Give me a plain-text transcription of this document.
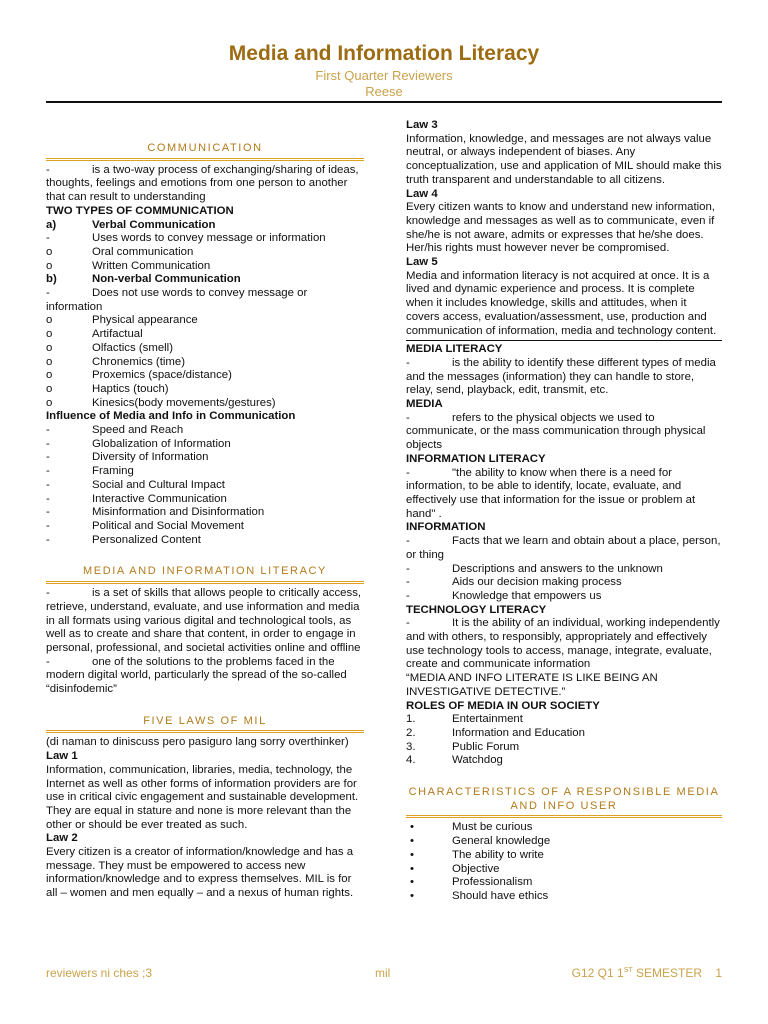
Media and Information Literacy
First Quarter Reviewers
Reese
COMMUNICATION
-	is a two-way process of exchanging/sharing of ideas, thoughts, feelings and emotions from one person to another that can result to understanding
TWO TYPES OF COMMUNICATION
a)	Verbal Communication
-	Uses words to convey message or information
o	Oral communication
o	Written Communication
b)	Non-verbal Communication
-	Does not use words to convey message or information
o	Physical appearance
o	Artifactual
o	Olfactics (smell)
o	Chronemics (time)
o	Proxemics (space/distance)
o	Haptics (touch)
o	Kinesics(body movements/gestures)
Influence of Media and Info in Communication
-	Speed and Reach
-	Globalization of Information
-	Diversity of Information
-	Framing
-	Social and Cultural Impact
-	Interactive Communication
-	Misinformation and Disinformation
-	Political and Social Movement
-	Personalized Content
MEDIA AND INFORMATION LITERACY
-	is a set of skills that allows people to critically access, retrieve, understand, evaluate, and use information and media in all formats using various digital and technological tools, as well as to create and share that content, in order to engage in personal, professional, and societal activities online and offline
-	one of the solutions to the problems faced in the modern digital world, particularly the spread of the so-called “disinfodemic”
FIVE LAWS OF MIL
(di naman to diniscuss pero pasiguro lang sorry overthinker)
Law 1
Information, communication, libraries, media, technology, the Internet as well as other forms of information providers are for use in critical civic engagement and sustainable development. They are equal in stature and none is more relevant than the other or should be ever treated as such.
Law 2
Every citizen is a creator of information/knowledge and has a message. They must be empowered to access new information/knowledge and to express themselves. MIL is for all – women and men equally – and a nexus of human rights.
Law 3
Information, knowledge, and messages are not always value neutral, or always independent of biases. Any conceptualization, use and application of MIL should make this truth transparent and understandable to all citizens.
Law 4
Every citizen wants to know and understand new information, knowledge and messages as well as to communicate, even if she/he is not aware, admits or expresses that he/she does. Her/his rights must however never be compromised.
Law 5
Media and information literacy is not acquired at once. It is a lived and dynamic experience and process. It is complete when it includes knowledge, skills and attitudes, when it covers access, evaluation/assessment, use, production and communication of information, media and technology content.
MEDIA LITERACY
-	is the ability to identify these different types of media and the messages (information) they can handle to store, relay, send, playback, edit, transmit, etc.
MEDIA
-	refers to the physical objects we used to communicate, or the mass communication through physical objects
INFORMATION LITERACY
-	"the ability to know when there is a need for information, to be able to identify, locate, evaluate, and effectively use that information for the issue or problem at hand" .
INFORMATION
-	Facts that we learn and obtain about a place, person, or thing
-	Descriptions and answers to the unknown
-	Aids our decision making process
-	Knowledge that empowers us
TECHNOLOGY LITERACY
-	It is the ability of an individual, working independently and with others, to responsibly, appropriately and effectively use technology tools to access, manage, integrate, evaluate, create and communicate information
“MEDIA AND INFO LITERATE IS LIKE BEING AN INVESTIGATIVE DETECTIVE.”
ROLES OF MEDIA IN OUR SOCIETY
1.	Entertainment
2.	Information and Education
3.	Public Forum
4.	Watchdog
CHARACTERISTICS OF A RESPONSIBLE MEDIA AND INFO USER
•	Must be curious
•	General knowledge
•	The ability to write
•	Objective
•	Professionalism
•	Should have ethics
reviewers ni ches ;3	mil	G12 Q1 1ST SEMESTER    1
